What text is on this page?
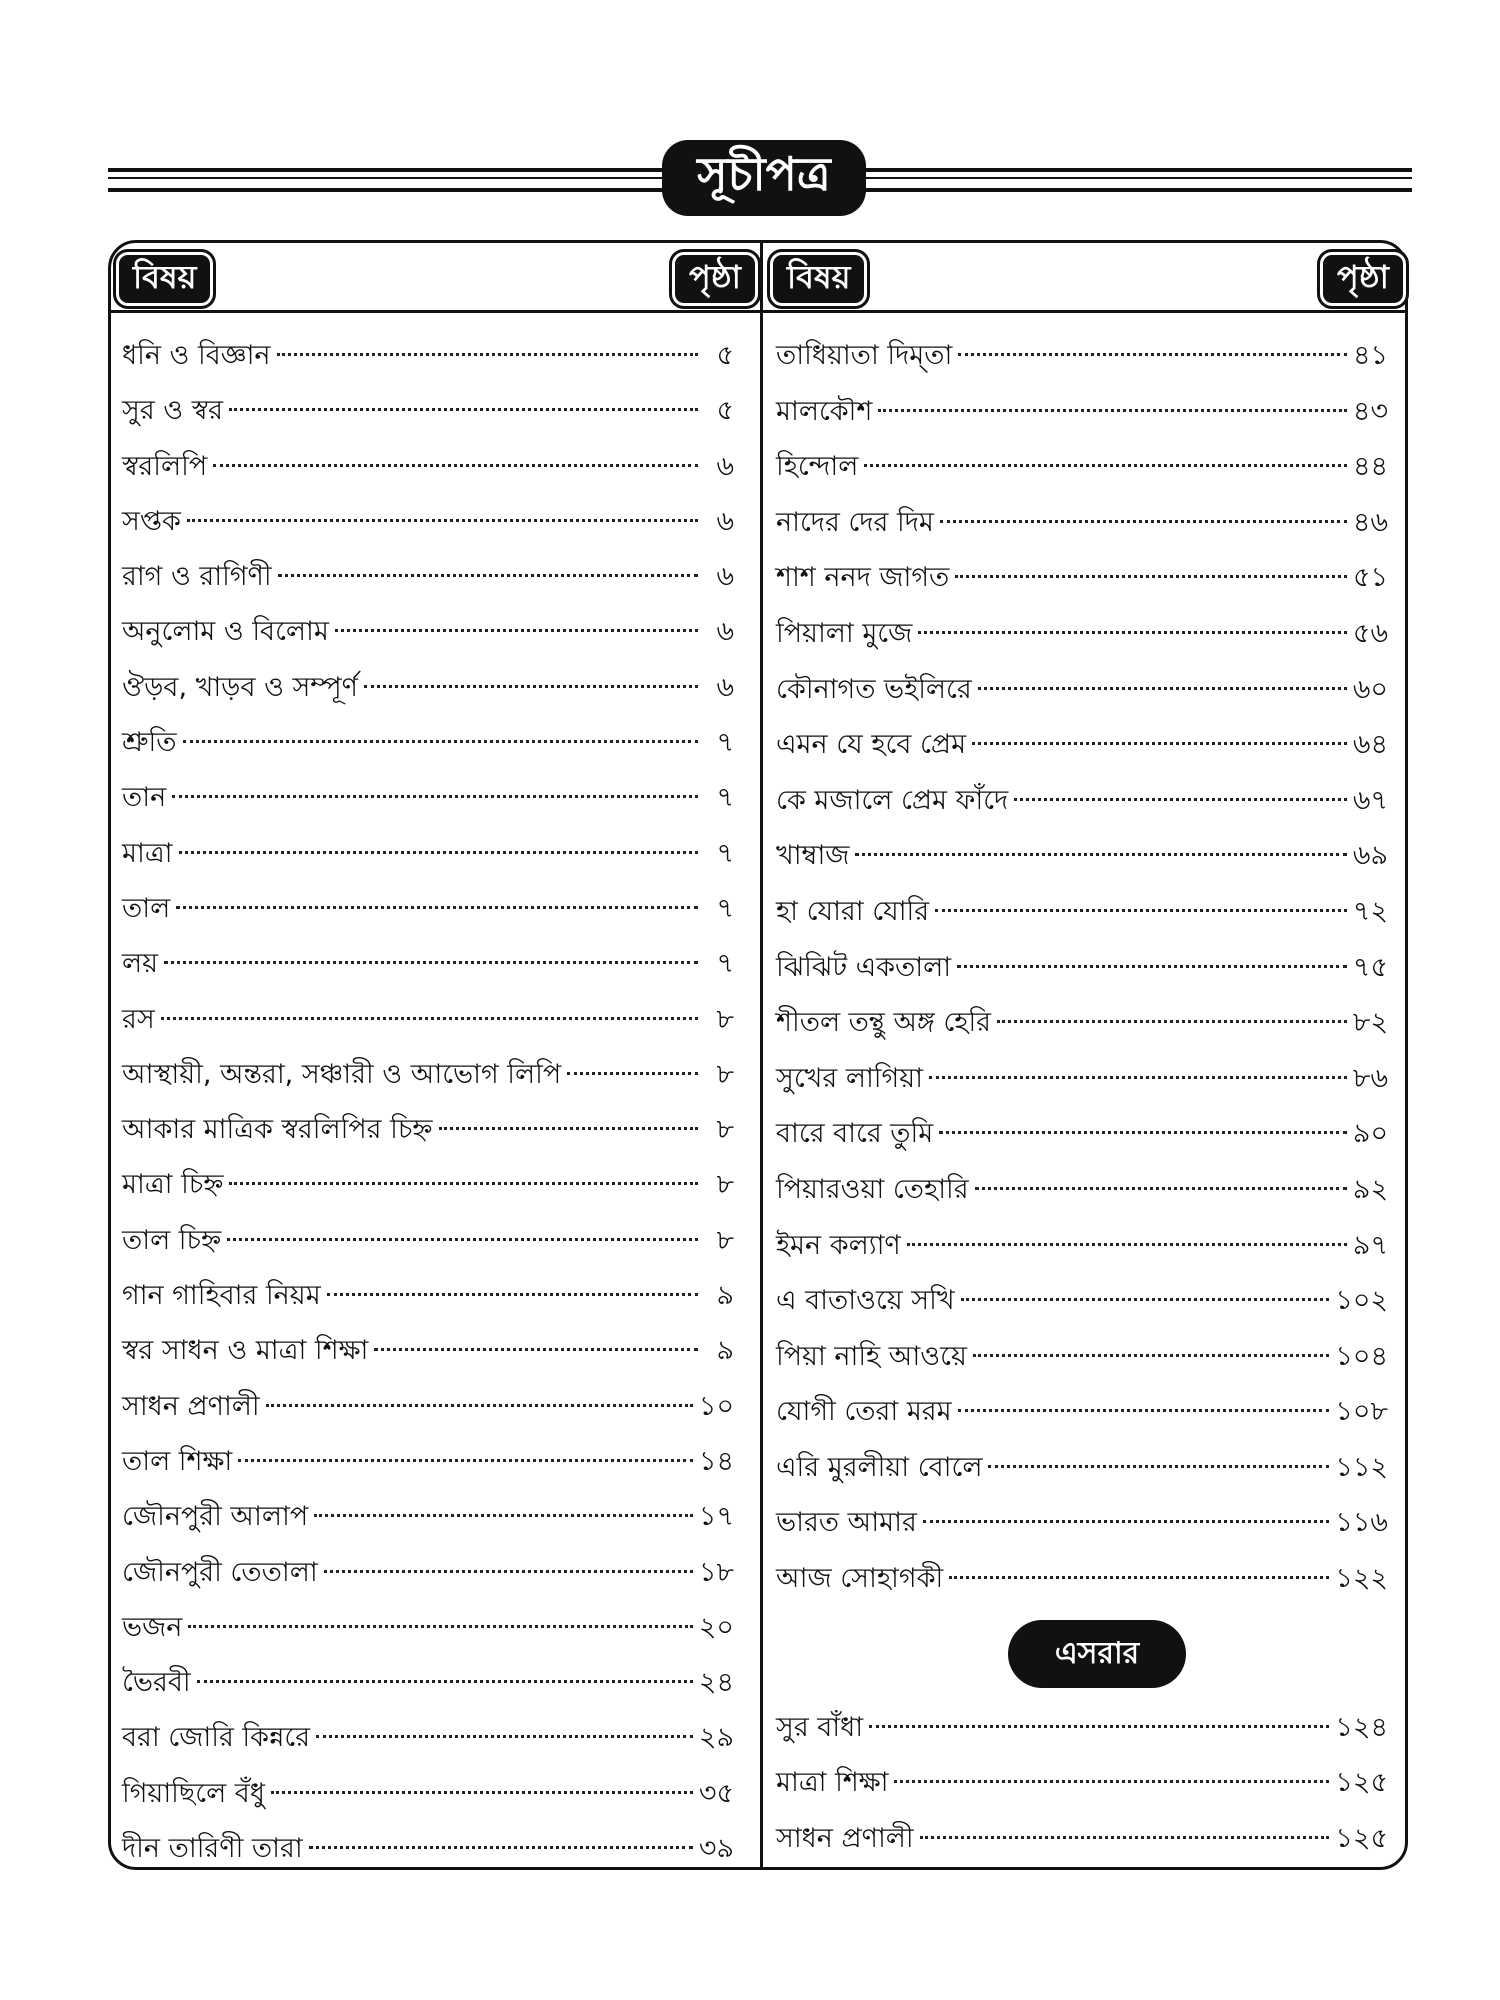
সূচীপত্র
বিষয়	পৃষ্ঠা	বিষয়	পৃষ্ঠা
ধনি ও বিজ্ঞান	৫
সুর ও স্বর	৫
স্বরলিপি	৬
সপ্তক	৬
রাগ ও রাগিণী	৬
অনুলোম ও বিলোম	৬
ঔড়ব, খাড়ব ও সম্পূর্ণ	৬
শ্রুতি	৭
তান	৭
মাত্রা	৭
তাল	৭
লয়	৭
রস	৮
আস্থায়ী, অন্তরা, সঞ্চারী ও আভোগ লিপি	৮
আকার মাত্রিক স্বরলিপির চিহ্ন	৮
মাত্রা চিহ্ন	৮
তাল চিহ্ন	৮
গান গাহিবার নিয়ম	৯
স্বর সাধন ও মাত্রা শিক্ষা	৯
সাধন প্রণালী	১০
তাল শিক্ষা	১৪
জৌনপুরী আলাপ	১৭
জৌনপুরী তেতালা	১৮
ভজন	২০
ভৈরবী	২৪
বরা জোরি কিন্নরে	২৯
গিয়াছিলে বঁধু	৩৫
দীন তারিণী তারা	৩৯
তাধিয়াতা দিম্‌তা	৪১
মালকৌশ	৪৩
হিন্দোল	৪৪
নাদের দের দিম	৪৬
শাশ ননদ জাগত	৫১
পিয়ালা মুজে	৫৬
কৌনাগত ভইলিরে	৬০
এমন যে হবে প্রেম	৬৪
কে মজালে প্রেম ফাঁদে	৬৭
খাম্বাজ	৬৯
হা যোরা যোরি	৭২
ঝিঝিট একতালা	৭৫
শীতল তন্থু অঙ্গ হেরি	৮২
সুখের লাগিয়া	৮৬
বারে বারে তুমি	৯০
পিয়ারওয়া তেহারি	৯২
ইমন কল্যাণ	৯৭
এ বাতাওয়ে সখি	১০২
পিয়া নাহি আওয়ে	১০৪
যোগী তেরা মরম	১০৮
এরি মুরলীয়া বোলে	১১২
ভারত আমার	১১৬
আজ সোহাগকী	১২২
এসরার
সুর বাঁধা	১২৪
মাত্রা শিক্ষা	১২৫
সাধন প্রণালী	১২৫
